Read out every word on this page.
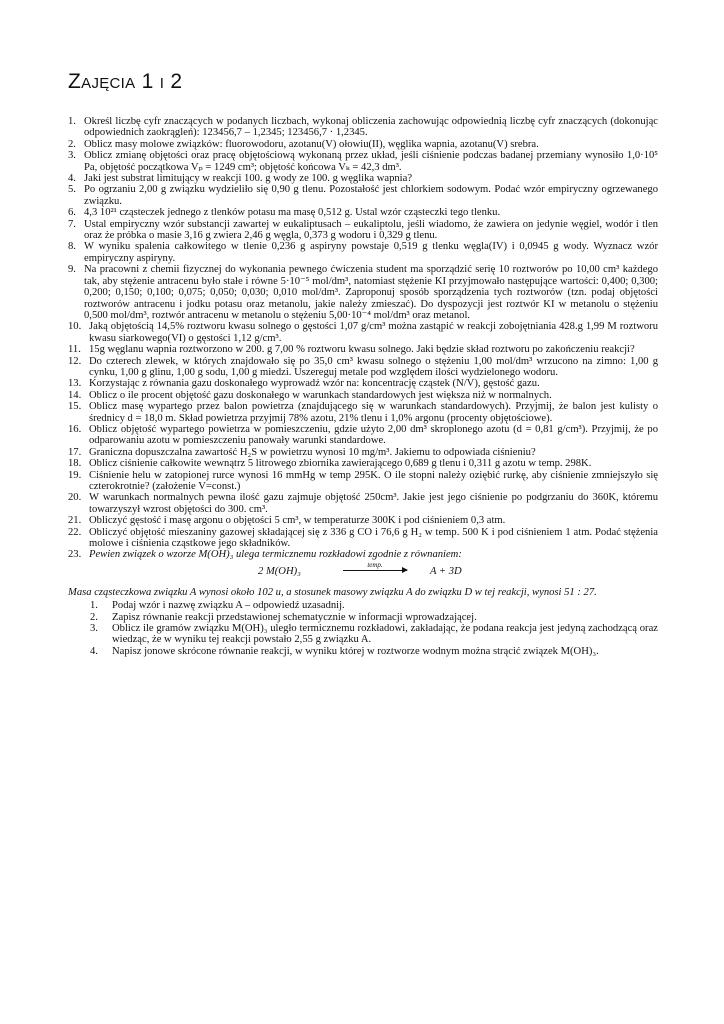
ZAJĘCIA 1 I 2
1. Określ liczbę cyfr znaczących w podanych liczbach, wykonaj obliczenia zachowując odpowiednią liczbę cyfr znaczących (dokonując odpowiednich zaokrągleń): 123456,7 – 1,2345; 123456,7 · 1,2345.
2. Oblicz masy molowe związków: fluorowodoru, azotanu(V) ołowiu(II), węglika wapnia, azotanu(V) srebra.
3. Oblicz zmianę objętości oraz pracę objętościową wykonaną przez układ, jeśli ciśnienie podczas badanej przemiany wynosiło 1,0·10⁵ Pa, objętość początkowa Vₚ = 1249 cm³; objętość końcowa Vₖ = 42,3 dm³.
4. Jaki jest substrat limitujący w reakcji 100. g wody ze 100. g węglika wapnia?
5. Po ogrzaniu 2,00 g związku wydzieliło się 0,90 g tlenu. Pozostałość jest chlorkiem sodowym. Podać wzór empiryczny ogrzewanego związku.
6. 4,3 10²¹ cząsteczek jednego z tlenków potasu ma masę 0,512 g. Ustal wzór cząsteczki tego tlenku.
7. Ustal empiryczny wzór substancji zawartej w eukaliptusach – eukaliptolu, jeśli wiadomo, że zawiera on jedynie węgiel, wodór i tlen oraz że próbka o masie 3,16 g zwiera 2,46 g węgla, 0,373 g wodoru i 0,329 g tlenu.
8. W wyniku spalenia całkowitego w tlenie 0,236 g aspiryny powstaje 0,519 g tlenku węgla(IV) i 0,0945 g wody. Wyznacz wzór empiryczny aspiryny.
9. Na pracowni z chemii fizycznej do wykonania pewnego ćwiczenia student ma sporządzić serię 10 roztworów po 10,00 cm³ każdego tak, aby stężenie antracenu było stałe i równe 5·10⁻⁵ mol/dm³, natomiast stężenie KI przyjmowało następujące wartości: 0,400; 0,300; 0,200; 0,150; 0,100; 0,075; 0,050; 0,030; 0,010 mol/dm³. Zaproponuj sposób sporządzenia tych roztworów (tzn. podaj objętości roztworów antracenu i jodku potasu oraz metanolu, jakie należy zmieszać). Do dyspozycji jest roztwór KI w metanolu o stężeniu 0,500 mol/dm³, roztwór antracenu w metanolu o stężeniu 5,00·10⁻⁴ mol/dm³ oraz metanol.
10. Jaką objętością 14,5% roztworu kwasu solnego o gęstości 1,07 g/cm³ można zastąpić w reakcji zobojętniania 428.g 1,99 M roztworu kwasu siarkowego(VI) o gęstości 1,12 g/cm³.
11. 15g węglanu wapnia roztworzono w 200. g 7,00 % roztworu kwasu solnego. Jaki będzie skład roztworu po zakończeniu reakcji?
12. Do czterech zlewek, w których znajdowało się po 35,0 cm³ kwasu solnego o stężeniu 1,00 mol/dm³ wrzucono na zimno: 1,00 g cynku, 1,00 g glinu, 1,00 g sodu, 1,00 g miedzi. Uszereguj metale pod względem ilości wydzielonego wodoru.
13. Korzystając z równania gazu doskonałego wyprowadź wzór na: koncentrację cząstek (N/V), gęstość gazu.
14. Oblicz o ile procent objętość gazu doskonałego w warunkach standardowych jest większa niż w normalnych.
15. Oblicz masę wypartego przez balon powietrza (znajdującego się w warunkach standardowych). Przyjmij, że balon jest kulisty o średnicy d = 18,0 m. Skład powietrza przyjmij 78% azotu, 21% tlenu i 1,0% argonu (procenty objętościowe).
16. Oblicz objętość wypartego powietrza w pomieszczeniu, gdzie użyto 2,00 dm³ skroplonego azotu (d = 0,81 g/cm³). Przyjmij, że po odparowaniu azotu w pomieszczeniu panowały warunki standardowe.
17. Graniczna dopuszczalna zawartość H₂S w powietrzu wynosi 10 mg/m³. Jakiemu to odpowiada ciśnieniu?
18. Oblicz ciśnienie całkowite wewnątrz 5 litrowego zbiornika zawierającego 0,689 g tlenu i 0,311 g azotu w temp. 298K.
19. Ciśnienie helu w zatopionej rurce wynosi 16 mmHg w temp 295K. O ile stopni należy oziębić rurkę, aby ciśnienie zmniejszyło się czterokrotnie? (założenie V=const.)
20. W warunkach normalnych pewna ilość gazu zajmuje objętość 250cm³. Jakie jest jego ciśnienie po podgrzaniu do 360K, któremu towarzyszył wzrost objętości do 300. cm³.
21. Obliczyć gęstość i masę argonu o objętości 5 cm³, w temperaturze 300K i pod ciśnieniem 0,3 atm.
22. Obliczyć objętość mieszaniny gazowej składającej się z 336 g CO i 76,6 g H₂ w temp. 500 K i pod ciśnieniem 1 atm. Podać stężenia molowe i ciśnienia cząstkowe jego składników.
23. Pewien związek o wzorze M(OH)₃ ulega termicznemu rozkładowi zgodnie z równaniem:
2 M(OH)₃
temp.
A + 3D

Masa cząsteczkowa związku A wynosi około 102 u, a stosunek masowy związku A do związku D w tej reakcji, wynosi 51 : 27.

1. Podaj wzór i nazwę związku A – odpowiedź uzasadnij.
2. Zapisz równanie reakcji przedstawionej schematycznie w informacji wprowadzającej.
3. Oblicz ile gramów związku M(OH)₃ uległo termicznemu rozkładowi, zakładając, że podana reakcja jest jedyną zachodzącą oraz wiedząc, że w wyniku tej reakcji powstało 2,55 g związku A.
4. Napisz jonowe skrócone równanie reakcji, w wyniku której w roztworze wodnym można strącić związek M(OH)₃.
